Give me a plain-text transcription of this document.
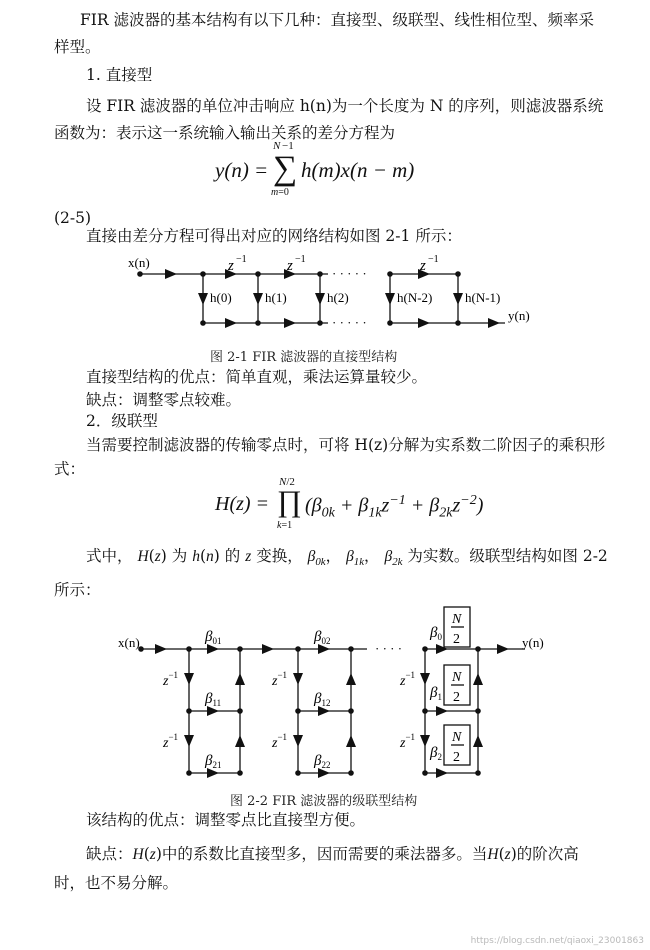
FIR 滤波器的基本结构有以下几种：直接型、级联型、线性相位型、频率采
样型。
1. 直接型
设 FIR 滤波器的单位冲击响应 h(n)为一个长度为 N 的序列，则滤波器系统
函数为：表示这一系统输入输出关系的差分方程为
y(n) =
N −1
∑
m=0
h(m)x(n − m)
(2-5)
直接由差分方程可得出对应的网络结构如图 2-1 所示：
x(n)
y(n)
z −1	z −1	z −1
· · · · ·
· · · · ·
h(0)	h(1)	h(2)	h(N-2)	h(N-1)
图 2-1 FIR 滤波器的直接型结构
直接型结构的优点：简单直观，乘法运算量较少。
缺点：调整零点较难。
2．级联型
当需要控制滤波器的传输零点时，可将 H(z)分解为实系数二阶因子的乘积形
式：
H(z) =
N/2
∏
k=1
$(\beta_{0k} + \beta_{1k}z^{-1} + \beta_{2k}z^{-2})$
式中， H(z) 为 h(n) 的 z 变换， $\beta_{0k}$， $\beta_{1k}$， $\beta_{2k}$ 为实数。级联型结构如图 2-2
所示：
x(n)	y(n)
· · · ·
$\beta_{01}$
$\beta_{11}$
$\beta_{21}$
$\beta_{02}$
$\beta_{12}$
$\beta_{22}$
$\beta_0$
$\beta_1$
$\beta_2$
N
2
N
2
N
2
$z^{-1}$
$z^{-1}$
$z^{-1}$
$z^{-1}$
$z^{-1}$
$z^{-1}$
图 2-2 FIR 滤波器的级联型结构
该结构的优点：调整零点比直接型方便。
缺点：H(z)中的系数比直接型多，因而需要的乘法器多。当H(z)的阶次高
时，也不易分解。
https://blog.csdn.net/qiaoxi_23001863
